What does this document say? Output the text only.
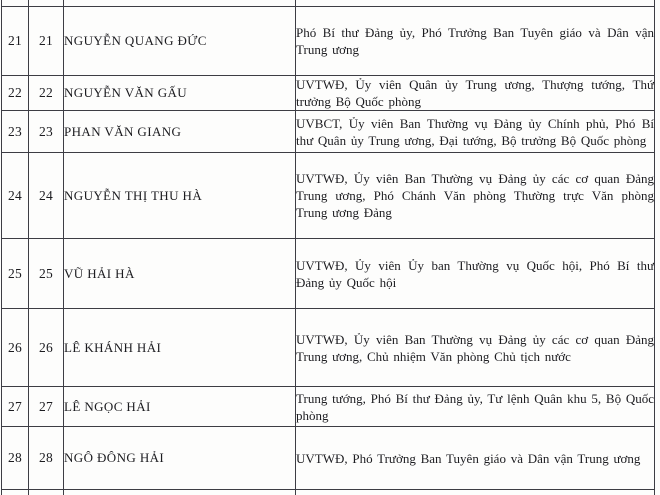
21	21	NGUYỄN QUANG ĐỨC	Phó Bí thư Đảng ủy, Phó Trưởng Ban Tuyên giáo và Dân vận Trung ương
22	22	NGUYỄN VĂN GẤU	UVTWĐ, Ủy viên Quân ủy Trung ương, Thượng tướng, Thứ trưởng Bộ Quốc phòng
23	23	PHAN VĂN GIANG	UVBCT, Ủy viên Ban Thường vụ Đảng ủy Chính phủ, Phó Bí thư Quân ủy Trung ương, Đại tướng, Bộ trưởng Bộ Quốc phòng
24	24	NGUYỄN THỊ THU HÀ	UVTWĐ, Ủy viên Ban Thường vụ Đảng ủy các cơ quan Đảng Trung ương, Phó Chánh Văn phòng Thường trực Văn phòng Trung ương Đảng
25	25	VŨ HẢI HÀ	UVTWĐ, Ủy viên Ủy ban Thường vụ Quốc hội, Phó Bí thư Đảng ủy Quốc hội
26	26	LÊ KHÁNH HẢI	UVTWĐ, Ủy viên Ban Thường vụ Đảng ủy các cơ quan Đảng Trung ương, Chủ nhiệm Văn phòng Chủ tịch nước
27	27	LÊ NGỌC HẢI	Trung tướng, Phó Bí thư Đảng ủy, Tư lệnh Quân khu 5, Bộ Quốc phòng
28	28	NGÔ ĐÔNG HẢI	UVTWĐ, Phó Trưởng Ban Tuyên giáo và Dân vận Trung ương
